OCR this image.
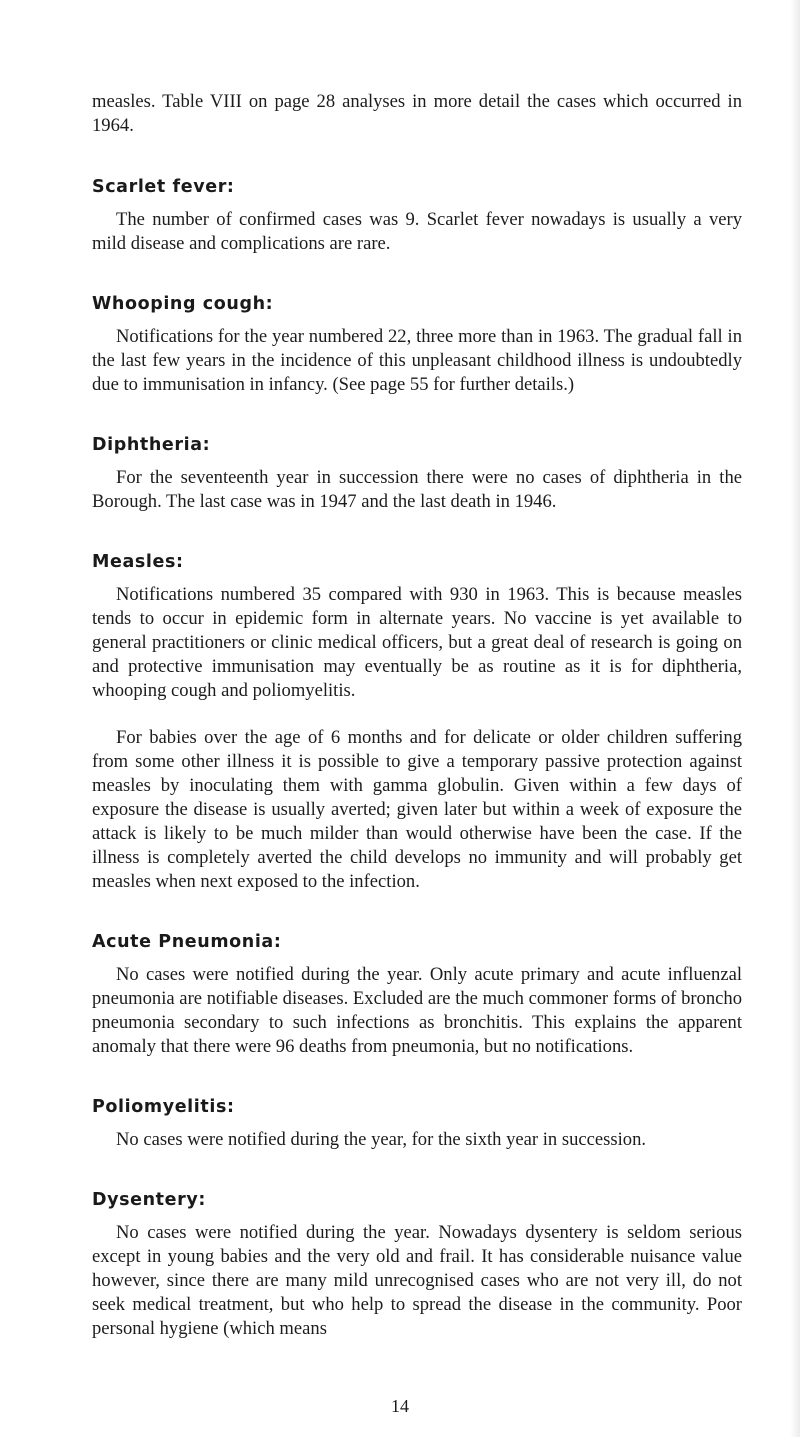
measles. Table VIII on page 28 analyses in more detail the cases which occurred in 1964.

Scarlet fever:

The number of confirmed cases was 9. Scarlet fever nowadays is usually a very mild disease and complications are rare.

Whooping cough:

Notifications for the year numbered 22, three more than in 1963. The gradual fall in the last few years in the incidence of this unpleasant childhood illness is undoubtedly due to immunisation in infancy. (See page 55 for further details.)

Diphtheria:

For the seventeenth year in succession there were no cases of diphtheria in the Borough. The last case was in 1947 and the last death in 1946.

Measles:

Notifications numbered 35 compared with 930 in 1963. This is because measles tends to occur in epidemic form in alternate years. No vaccine is yet available to general practitioners or clinic medical officers, but a great deal of research is going on and protective immunisation may eventually be as routine as it is for diphtheria, whooping cough and poliomyelitis.

For babies over the age of 6 months and for delicate or older children suffering from some other illness it is possible to give a temporary passive protection against measles by inoculating them with gamma globulin. Given within a few days of exposure the disease is usually averted; given later but within a week of exposure the attack is likely to be much milder than would otherwise have been the case. If the illness is completely averted the child develops no immunity and will probably get measles when next exposed to the infection.

Acute Pneumonia:

No cases were notified during the year. Only acute primary and acute influenzal pneumonia are notifiable diseases. Excluded are the much commoner forms of broncho pneumonia secondary to such infections as bronchitis. This explains the apparent anomaly that there were 96 deaths from pneumonia, but no notifications.

Poliomyelitis:

No cases were notified during the year, for the sixth year in succession.

Dysentery:

No cases were notified during the year. Nowadays dysentery is seldom serious except in young babies and the very old and frail. It has considerable nuisance value however, since there are many mild unrecognised cases who are not very ill, do not seek medical treatment, but who help to spread the disease in the community. Poor personal hygiene (which means

14
